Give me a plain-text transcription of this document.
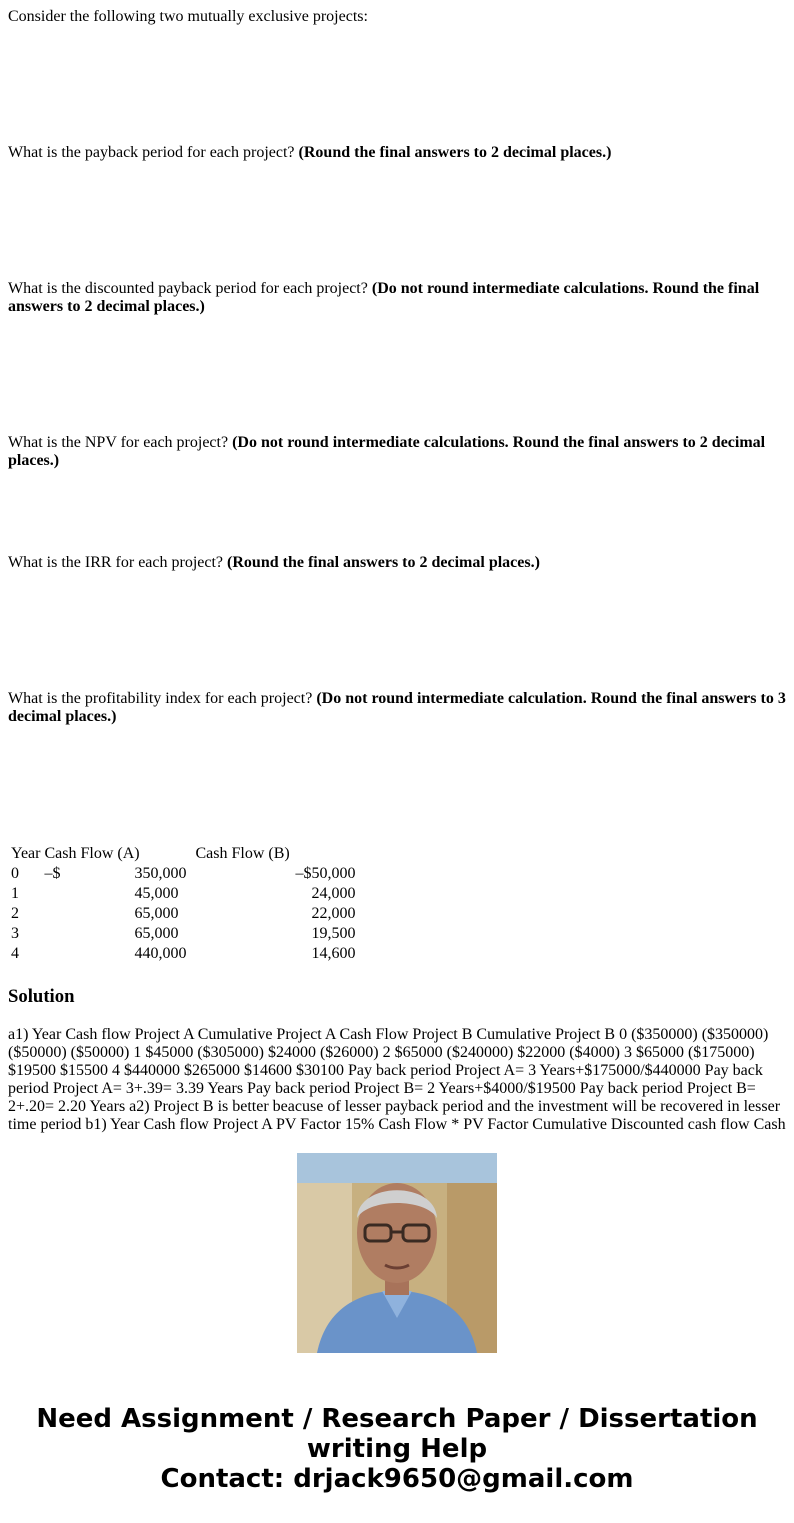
Consider the following two mutually exclusive projects:

What is the payback period for each project? (Round the final answers to 2 decimal places.)

What is the discounted payback period for each project? (Do not round intermediate calculations. Round the final answers to 2 decimal places.)

What is the NPV for each project? (Do not round intermediate calculations. Round the final answers to 2 decimal places.)

What is the IRR for each project? (Round the final answers to 2 decimal places.)

What is the profitability index for each project? (Do not round intermediate calculation. Round the final answers to 3 decimal places.)

Year	Cash Flow (A)	Cash Flow (B)
0	–$ 350,000	–$50,000
1	45,000	24,000
2	65,000	22,000
3	65,000	19,500
4	440,000	14,600
Solution

a1) Year Cash flow Project A Cumulative Project A Cash Flow Project B Cumulative Project B 0 ($350000) ($350000) ($50000) ($50000) 1 $45000 ($305000) $24000 ($26000) 2 $65000 ($240000) $22000 ($4000) 3 $65000 ($175000) $19500 $15500 4 $440000 $265000 $14600 $30100 Pay back period Project A= 3 Years+$175000/$440000 Pay back period Project A= 3+.39= 3.39 Years Pay back period Project B= 2 Years+$4000/$19500 Pay back period Project B= 2+.20= 2.20 Years a2) Project B is better beacuse of lesser payback period and the investment will be recovered in lesser time period b1) Year Cash flow Project A PV Factor 15% Cash Flow * PV Factor Cumulative Discounted cash flow Cash

Need Assignment / Research Paper / Dissertation
writing Help
Contact: drjack9650@gmail.com
